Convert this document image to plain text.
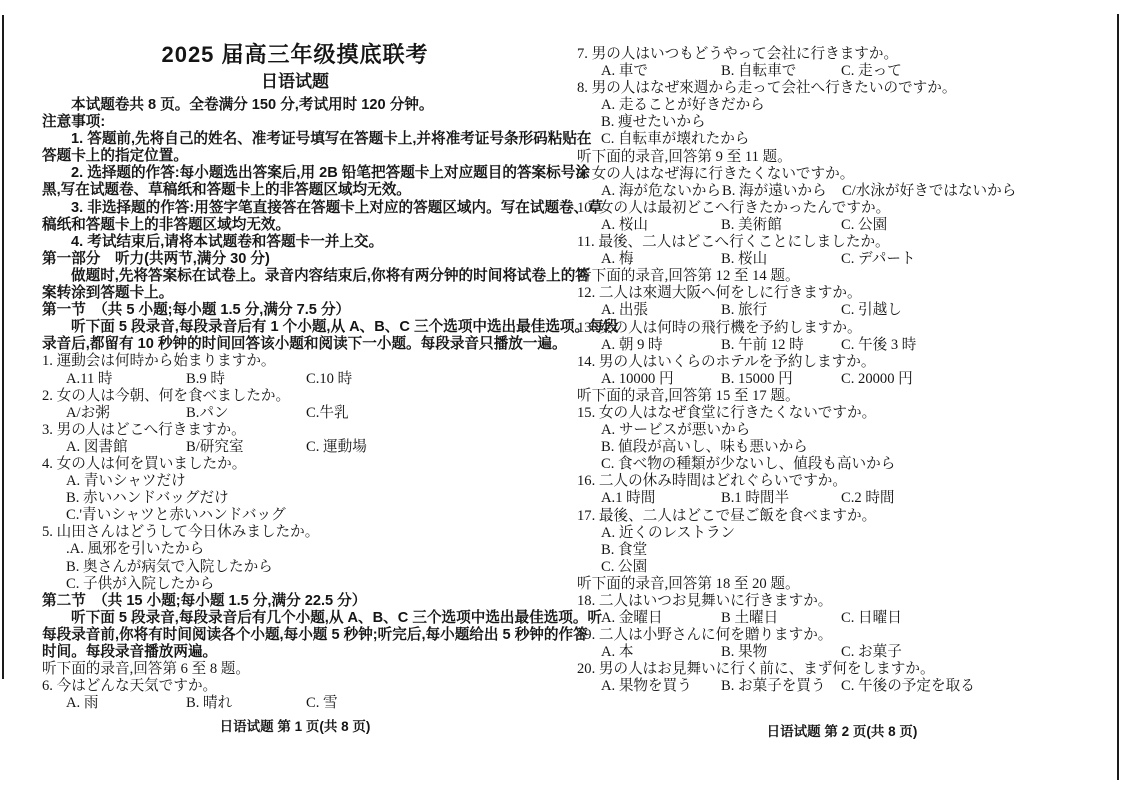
2025 届高三年级摸底联考
日语试题
本试题卷共 8 页。全卷满分 150 分,考试用时 120 分钟。
注意事项:
1. 答题前,先将自己的姓名、准考证号填写在答题卡上,并将准考证号条形码粘贴在
答题卡上的指定位置。
2. 选择题的作答:每小题选出答案后,用 2B 铅笔把答题卡上对应题目的答案标号涂
黑,写在试题卷、草稿纸和答题卡上的非答题区域均无效。
3. 非选择题的作答:用签字笔直接答在答题卡上对应的答题区域内。写在试题卷、草
稿纸和答题卡上的非答题区域均无效。
4. 考试结束后,请将本试题卷和答题卡一并上交。
第一部分　听力(共两节,满分 30 分)
做题时,先将答案标在试卷上。录音内容结束后,你将有两分钟的时间将试卷上的答
案转涂到答题卡上。
第一节　（共 5 小题;每小题 1.5 分,满分 7.5 分）
听下面 5 段录音,每段录音后有 1 个小题,从 A、B、C 三个选项中选出最佳选项。每段
录音后,都留有 10 秒钟的时间回答该小题和阅读下一小题。每段录音只播放一遍。
1. 運動会は何時から始まりますか。
A.11 時	B.9 時	C.10 時
2. 女の人は今朝、何を食べましたか。
A/お粥	B.パン	C.牛乳
3. 男の人はどこへ行きますか。
A. 図書館	B/研究室	C. 運動場
4. 女の人は何を買いましたか。
A. 青いシャツだけ
B. 赤いハンドバッグだけ
C.'青いシャツと赤いハンドバッグ
5. 山田さんはどうして今日休みましたか。
.A. 風邪を引いたから
B. 奥さんが病気で入院したから
C. 子供が入院したから
第二节　（共 15 小题;每小题 1.5 分,满分 22.5 分）
听下面 5 段录音,每段录音后有几个小题,从 A、B、C 三个选项中选出最佳选项。听
每段录音前,你将有时间阅读各个小题,每小题 5 秒钟;听完后,每小题给出 5 秒钟的作答
时间。每段录音播放两遍。
听下面的录音,回答第 6 至 8 题。
6. 今はどんな天気ですか。
A. 雨	B. 晴れ	C. 雪
7. 男の人はいつもどうやって会社に行きますか。
A. 車で	B. 自転車で	C. 走って
8. 男の人はなぜ來週から走って会社へ行きたいのですか。
A. 走ることが好きだから
B. 痩せたいから
C. 自転車が壊れたから
听下面的录音,回答第 9 至 11 题。
9. 女の人はなぜ海に行きたくないですか。
A. 海が危ないからB. 海が遠いから C/水泳が好きではないから
10. 女の人は最初どこへ行きたかったんですか。
A. 桜山	B. 美術館	C. 公園
11. 最後、二人はどこへ行くことにしましたか。
A. 梅	B. 桜山	C. デパート
听下面的录音,回答第 12 至 14 题。
12. 二人は來週大阪へ何をしに行きますか。
A. 出張	B. 旅行	C. 引越し
13. 女の人は何時の飛行機を予約しますか。
A. 朝 9 時	B. 午前 12 時	C. 午後 3 時
14. 男の人はいくらのホテルを予約しますか。
A. 10000 円	B. 15000 円	C. 20000 円
听下面的录音,回答第 15 至 17 题。
15. 女の人はなぜ食堂に行きたくないですか。
A. サービスが悪いから
B. 値段が高いし、味も悪いから
C. 食べ物の種類が少ないし、値段も高いから
16. 二人の休み時間はどれぐらいですか。
A.1 時間	B.1 時間半	C.2 時間
17. 最後、二人はどこで昼ご飯を食べますか。
A. 近くのレストラン
B. 食堂
C. 公園
听下面的录音,回答第 18 至 20 题。
18. 二人はいつお見舞いに行きますか。
A. 金曜日	B 土曜日	C. 日曜日
19. 二人は小野さんに何を贈りますか。
A. 本	B. 果物	C. お菓子
20. 男の人はお見舞いに行く前に、まず何をしますか。
A. 果物を買う B. お菓子を買う C. 午後の予定を取る
日语试题 第 1 页(共 8 页)	日语试题 第 2 页(共 8 页)
